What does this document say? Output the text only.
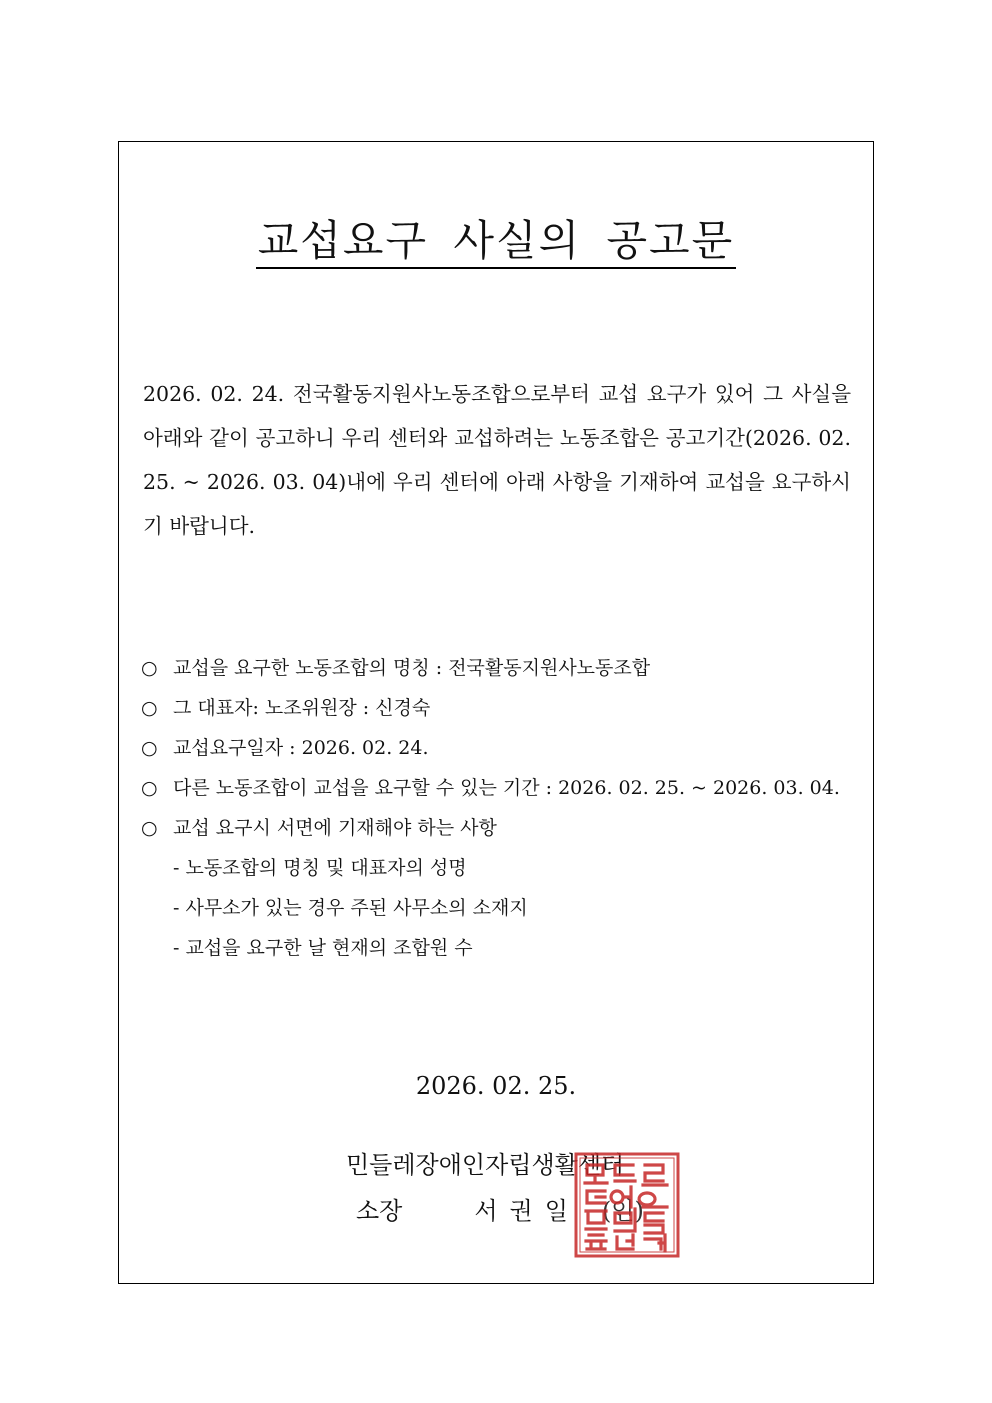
교섭요구 사실의 공고문

2026. 02. 24. 전국활동지원사노동조합으로부터 교섭 요구가 있어 그 사실을 아래와 같이 공고하니 우리 센터와 교섭하려는 노동조합은 공고기간(2026. 02. 25. ~ 2026. 03. 04)내에 우리 센터에 아래 사항을 기재하여 교섭을 요구하시기 바랍니다.

○ 교섭을 요구한 노동조합의 명칭 : 전국활동지원사노동조합
○ 그 대표자: 노조위원장 : 신경숙
○ 교섭요구일자 : 2026. 02. 24.
○ 다른 노동조합이 교섭을 요구할 수 있는 기간 : 2026. 02. 25. ~ 2026. 03. 04.
○ 교섭 요구시 서면에 기재해야 하는 사항
- 노동조합의 명칭 및 대표자의 성명
- 사무소가 있는 경우 주된 사무소의 소재지
- 교섭을 요구한 날 현재의 조합원 수
2026. 02. 25.
민들레장애인자립생활센터
소장	서권일 (인)
